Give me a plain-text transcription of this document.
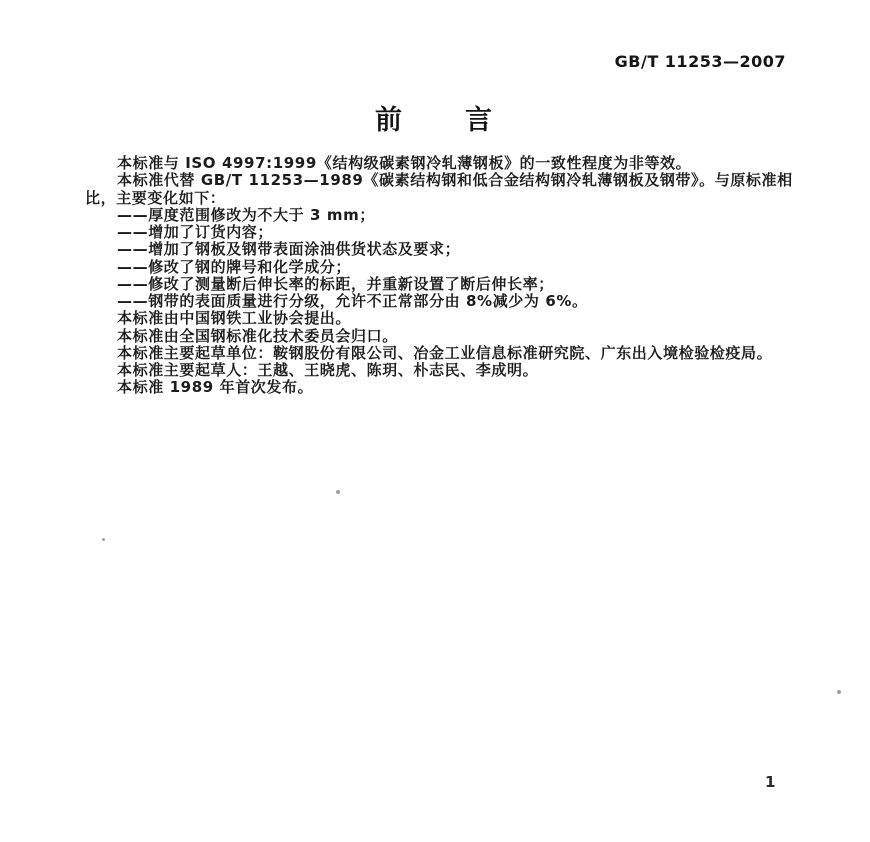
GB/T 11253—2007
前　　言
本标准与 ISO 4997:1999《结构级碳素钢冷轧薄钢板》的一致性程度为非等效。
本标准代替 GB/T 11253—1989《碳素结构钢和低合金结构钢冷轧薄钢板及钢带》。与原标准相
比，主要变化如下：
——厚度范围修改为不大于 3 mm；
——增加了订货内容；
——增加了钢板及钢带表面涂油供货状态及要求；
——修改了钢的牌号和化学成分；
——修改了测量断后伸长率的标距，并重新设置了断后伸长率；
——钢带的表面质量进行分级，允许不正常部分由 8%减少为 6%。
本标准由中国钢铁工业协会提出。
本标准由全国钢标准化技术委员会归口。
本标准主要起草单位：鞍钢股份有限公司、冶金工业信息标准研究院、广东出入境检验检疫局。
本标准主要起草人：王越、王晓虎、陈玥、朴志民、李成明。
本标准 1989 年首次发布。
1
